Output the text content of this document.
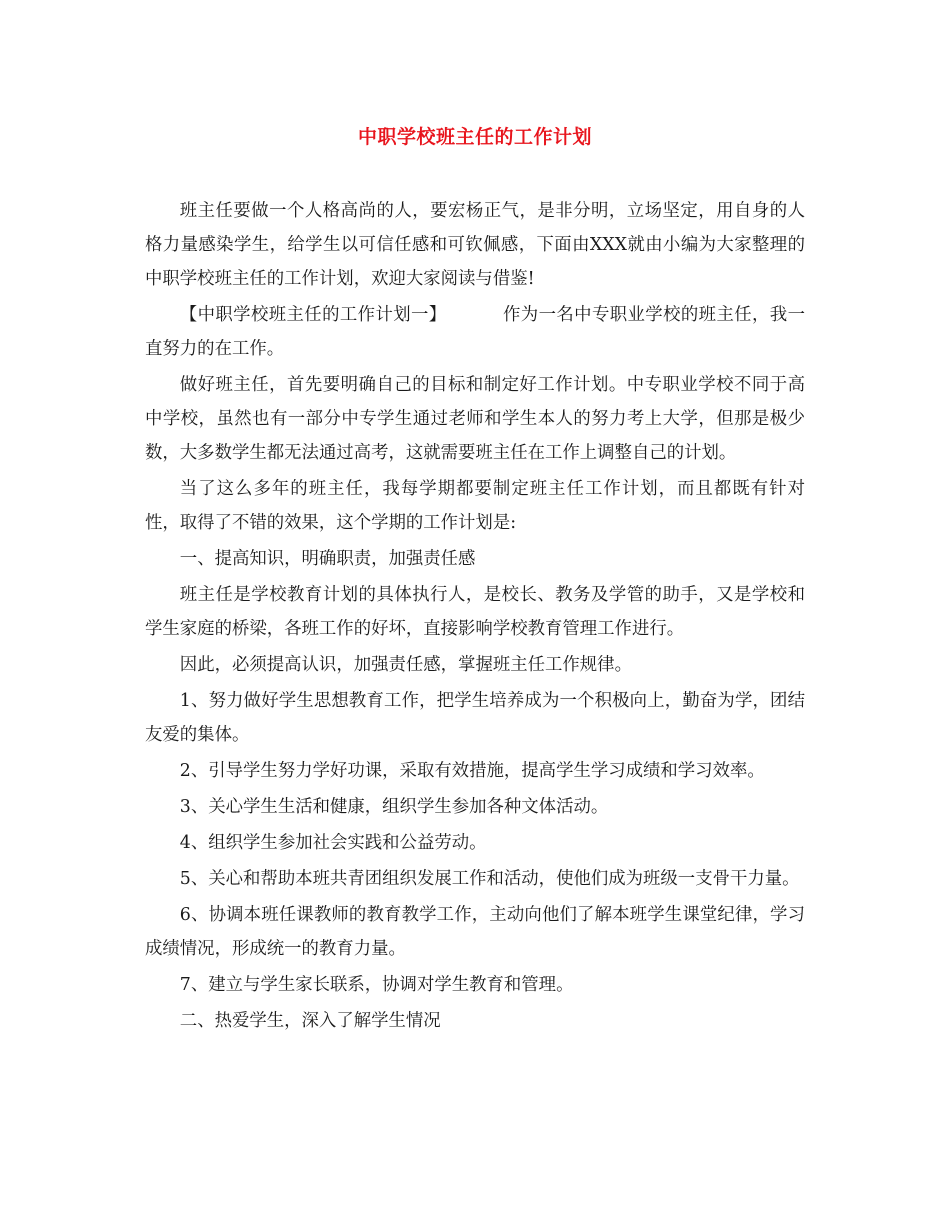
中职学校班主任的工作计划

班主任要做一个人格高尚的人，要宏杨正气，是非分明，立场坚定，用自身的人格力量感染学生，给学生以可信任感和可钦佩感，下面由XXX就由小编为大家整理的中职学校班主任的工作计划，欢迎大家阅读与借鉴!

【中职学校班主任的工作计划一】	作为一名中专职业学校的班主任，我一直努力的在工作。

做好班主任，首先要明确自己的目标和制定好工作计划。中专职业学校不同于高中学校，虽然也有一部分中专学生通过老师和学生本人的努力考上大学，但那是极少数，大多数学生都无法通过高考，这就需要班主任在工作上调整自己的计划。

当了这么多年的班主任，我每学期都要制定班主任工作计划，而且都既有针对性，取得了不错的效果，这个学期的工作计划是:

一、提高知识，明确职责，加强责任感

班主任是学校教育计划的具体执行人，是校长、教务及学管的助手，又是学校和学生家庭的桥梁，各班工作的好坏，直接影响学校教育管理工作进行。

因此，必须提高认识，加强责任感，掌握班主任工作规律。

1、努力做好学生思想教育工作，把学生培养成为一个积极向上，勤奋为学，团结友爱的集体。

2、引导学生努力学好功课，采取有效措施，提高学生学习成绩和学习效率。

3、关心学生生活和健康，组织学生参加各种文体活动。

4、组织学生参加社会实践和公益劳动。

5、关心和帮助本班共青团组织发展工作和活动，使他们成为班级一支骨干力量。

6、协调本班任课教师的教育教学工作，主动向他们了解本班学生课堂纪律，学习成绩情况，形成统一的教育力量。

7、建立与学生家长联系，协调对学生教育和管理。

二、热爱学生，深入了解学生情况
